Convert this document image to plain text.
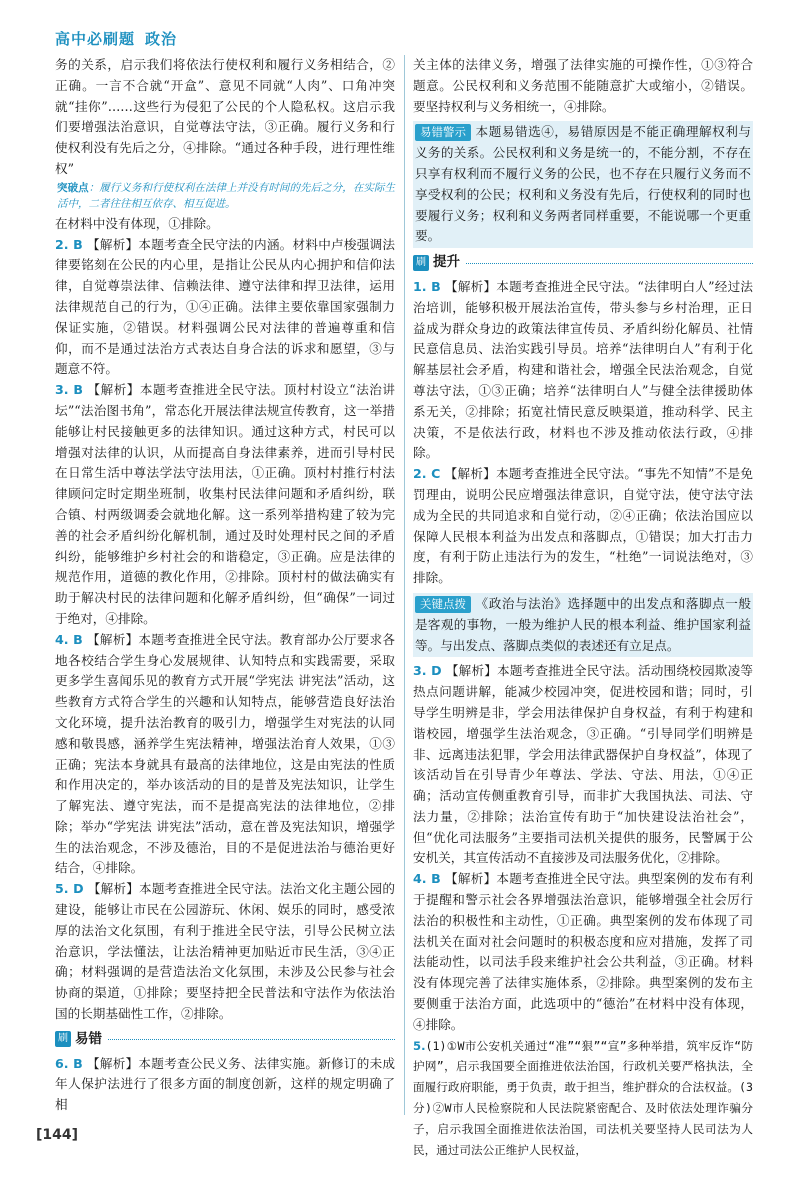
高中必刷题 政治

务的关系，启示我们将依法行使权利和履行义务相结合，②正确。一言不合就“开盒”、意见不同就“人肉”、口角冲突就“挂你”……这些行为侵犯了公民的个人隐私权。这启示我们要增强法治意识，自觉尊法守法，③正确。履行义务和行使权利没有先后之分，④排除。“通过各种手段，进行理性维权”

突破点：履行义务和行使权利在法律上并没有时间的先后之分，在实际生活中，二者往往相互依存、相互促进。

在材料中没有体现，①排除。

2. B 【解析】本题考查全民守法的内涵。材料中卢梭强调法律要铭刻在公民的内心里，是指让公民从内心拥护和信仰法律，自觉尊崇法律、信赖法律、遵守法律和捍卫法律，运用法律规范自己的行为，①④正确。法律主要依靠国家强制力保证实施，②错误。材料强调公民对法律的普遍尊重和信仰，而不是通过法治方式表达自身合法的诉求和愿望，③与题意不符。

3. B 【解析】本题考查推进全民守法。顶村村设立“法治讲坛”“法治图书角”，常态化开展法律法规宣传教育，这一举措能够让村民接触更多的法律知识。通过这种方式，村民可以增强对法律的认识，从而提高自身法律素养，进而引导村民在日常生活中尊法学法守法用法，①正确。顶村村推行村法律顾问定时定期坐班制，收集村民法律问题和矛盾纠纷，联合镇、村两级调委会就地化解。这一系列举措构建了较为完善的社会矛盾纠纷化解机制，通过及时处理村民之间的矛盾纠纷，能够维护乡村社会的和谐稳定，③正确。应是法律的规范作用，道德的教化作用，②排除。顶村村的做法确实有助于解决村民的法律问题和化解矛盾纠纷，但“确保”一词过于绝对，④排除。

4. B 【解析】本题考查推进全民守法。教育部办公厅要求各地各校结合学生身心发展规律、认知特点和实践需要，采取更多学生喜闻乐见的教育方式开展“学宪法 讲宪法”活动，这些教育方式符合学生的兴趣和认知特点，能够营造良好法治文化环境，提升法治教育的吸引力，增强学生对宪法的认同感和敬畏感，涵养学生宪法精神，增强法治育人效果，①③正确；宪法本身就具有最高的法律地位，这是由宪法的性质和作用决定的，举办该活动的目的是普及宪法知识，让学生了解宪法、遵守宪法，而不是提高宪法的法律地位，②排除；举办“学宪法 讲宪法”活动，意在普及宪法知识，增强学生的法治观念，不涉及德治，目的不是促进法治与德治更好结合，④排除。

5. D 【解析】本题考查推进全民守法。法治文化主题公园的建设，能够让市民在公园游玩、休闲、娱乐的同时，感受浓厚的法治文化氛围，有利于推进全民守法，引导公民树立法治意识，学法懂法，让法治精神更加贴近市民生活，③④正确；材料强调的是营造法治文化氛围，未涉及公民参与社会协商的渠道，①排除；要坚持把全民普法和守法作为依法治国的长期基础性工作，②排除。

刷 易错

6. B 【解析】本题考查公民义务、法律实施。新修订的未成年人保护法进行了很多方面的制度创新，这样的规定明确了相

关主体的法律义务，增强了法律实施的可操作性，①③符合题意。公民权利和义务范围不能随意扩大或缩小，②错误。要坚持权利与义务相统一，④排除。

易错警示 本题易错选④，易错原因是不能正确理解权利与义务的关系。公民权利和义务是统一的，不能分割，不存在只享有权利而不履行义务的公民，也不存在只履行义务而不享受权利的公民；权利和义务没有先后，行使权利的同时也要履行义务；权利和义务两者同样重要，不能说哪一个更重要。
刷 提升

1. B 【解析】本题考查推进全民守法。“法律明白人”经过法治培训，能够积极开展法治宣传，带头参与乡村治理，正日益成为群众身边的政策法律宣传员、矛盾纠纷化解员、社情民意信息员、法治实践引导员。培养“法律明白人”有利于化解基层社会矛盾，构建和谐社会，增强全民法治观念，自觉尊法守法，①③正确；培养“法律明白人”与健全法律援助体系无关，②排除；拓宽社情民意反映渠道，推动科学、民主决策，不是依法行政，材料也不涉及推动依法行政，④排除。

2. C 【解析】本题考查推进全民守法。“事先不知情”不是免罚理由，说明公民应增强法律意识，自觉守法，使守法守法成为全民的共同追求和自觉行动，②④正确；依法治国应以保障人民根本利益为出发点和落脚点，①错误；加大打击力度，有利于防止违法行为的发生，“杜绝”一词说法绝对，③排除。

关键点拨 《政治与法治》选择题中的出发点和落脚点一般是客观的事物，一般为维护人民的根本利益、维护国家利益等。与出发点、落脚点类似的表述还有立足点。

3. D 【解析】本题考查推进全民守法。活动围绕校园欺凌等热点问题讲解，能减少校园冲突，促进校园和谐；同时，引导学生明辨是非，学会用法律保护自身权益，有利于构建和谐校园，增强学生法治观念，③正确。“引导同学们明辨是非、远离违法犯罪，学会用法律武器保护自身权益”，体现了该活动旨在引导青少年尊法、学法、守法、用法，①④正确；活动宣传侧重教育引导，而非扩大我国执法、司法、守法力量，②排除；法治宣传有助于“加快建设法治社会”，但“优化司法服务”主要指司法机关提供的服务，民警属于公安机关，其宣传活动不直接涉及司法服务优化，②排除。

4. B 【解析】本题考查推进全民守法。典型案例的发布有利于提醒和警示社会各界增强法治意识，能够增强全社会厉行法治的积极性和主动性，①正确。典型案例的发布体现了司法机关在面对社会问题时的积极态度和应对措施，发挥了司法能动性，以司法手段来维护社会公共利益，③正确。材料没有体现完善了法律实施体系，②排除。典型案例的发布主要侧重于法治方面，此选项中的“德治”在材料中没有体现，④排除。

5.(1)①W市公安机关通过“准”“狠”“宣”多种举措，筑牢反诈“防护网”，启示我国要全面推进依法治国，行政机关要严格执法，全面履行政府职能，勇于负责，敢于担当，维护群众的合法权益。(3分)②W市人民检察院和人民法院紧密配合、及时依法处理诈骗分子，启示我国全面推进依法治国，司法机关要坚持人民司法为人民，通过司法公正维护人民权益，

[144]
